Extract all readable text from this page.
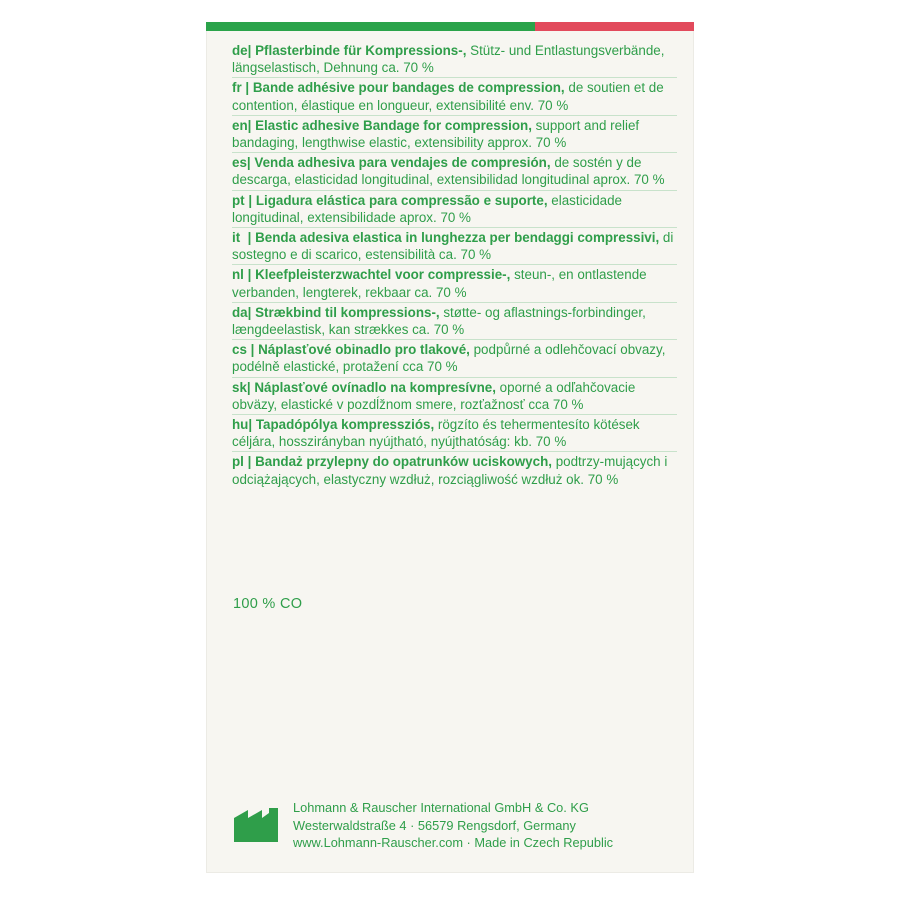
de| Pflasterbinde für Kompressions-, Stütz- und Entlastungsverbände, längselastisch, Dehnung ca. 70 %
fr | Bande adhésive pour bandages de compression, de soutien et de contention, élastique en longueur, extensibilité env. 70 %
en| Elastic adhesive Bandage for compression, support and relief bandaging, lengthwise elastic, extensibility approx. 70 %
es| Venda adhesiva para vendajes de compresión, de sostén y de descarga, elasticidad longitudinal, extensibilidad longitudinal aprox. 70 %
pt | Ligadura elástica para compressão e suporte, elasticidade longitudinal, extensibilidade aprox. 70 %
it  | Benda adesiva elastica in lunghezza per bendaggi compressivi, di sostegno e di scarico, estensibilità ca. 70 %
nl | Kleefpleisterzwachtel voor compressie-, steun-, en ontlastende verbanden, lengterek, rekbaar ca. 70 %
da| Strækbind til kompressions-, støtte- og aflastnings-forbindinger, længdeelastisk, kan strækkes ca. 70 %
cs | Náplasťové obinadlo pro tlakové, podpůrné a odlehčovací obvazy, podélně elastické, protažení cca 70 %
sk| Náplasťové ovínadlo na kompresívne, oporné a odľahčovacie obväzy, elastické v pozdĺžnom smere, rozťažnosť cca 70 %
hu| Tapadópólya kompressziós, rögzíto és tehermentesíto kötések céljára, hosszirányban nyújtható, nyújthatóság: kb. 70 %
pl | Bandaż przylepny do opatrunków uciskowych, podtrzy-mujących i odciążających, elastyczny wzdłuż, rozciągliwość wzdłuż ok. 70 %
100 % CO
Lohmann & Rauscher International GmbH & Co. KG
Westerwaldstraße 4 · 56579 Rengsdorf, Germany
www.Lohmann-Rauscher.com · Made in Czech Republic
